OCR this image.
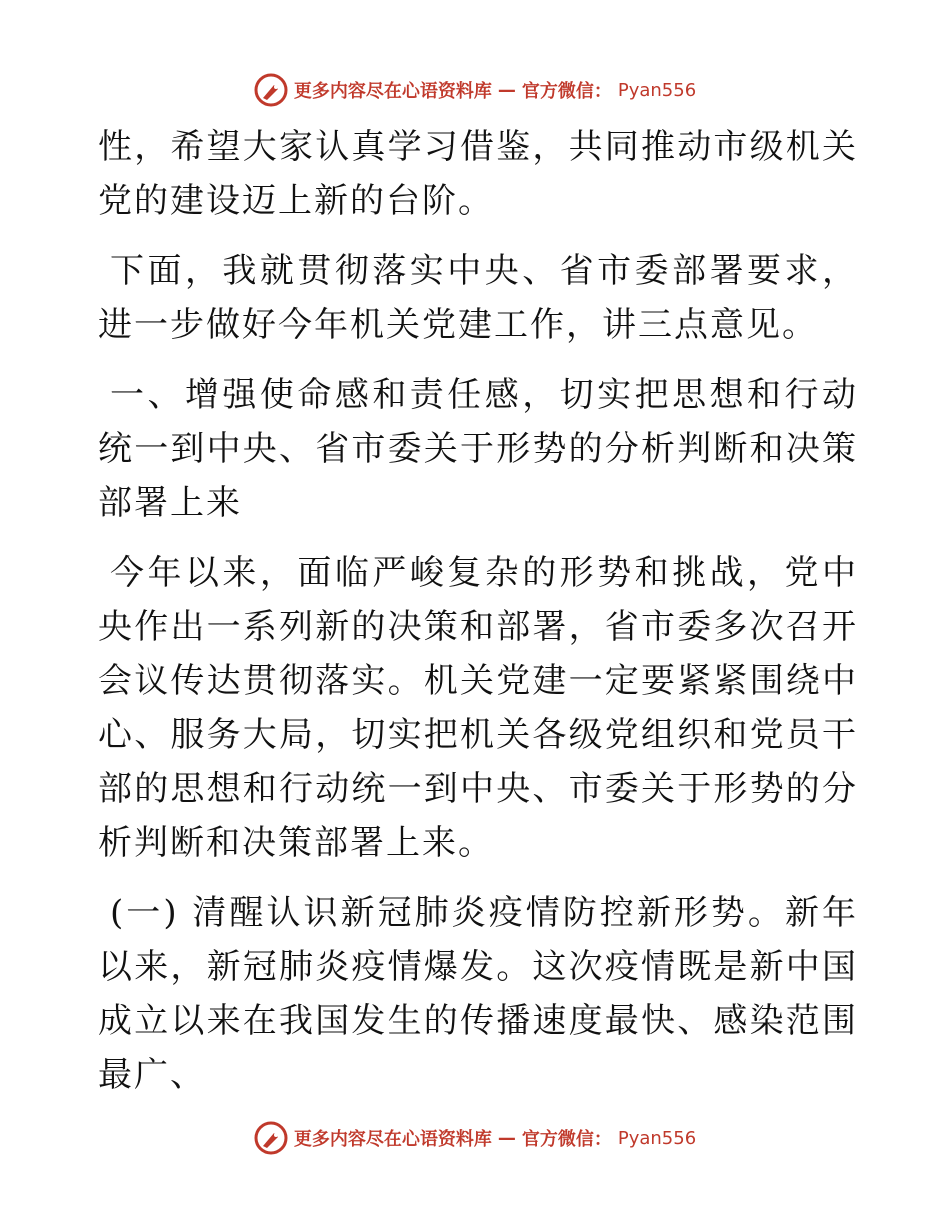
更多内容尽在心语资料库 — 官方微信： Pyan556

性，希望大家认真学习借鉴，共同推动市级机关党的建设迈上新的台阶。

下面，我就贯彻落实中央、省市委部署要求，进一步做好今年机关党建工作，讲三点意见。

一、增强使命感和责任感，切实把思想和行动统一到中央、省市委关于形势的分析判断和决策部署上来

今年以来，面临严峻复杂的形势和挑战，党中央作出一系列新的决策和部署，省市委多次召开会议传达贯彻落实。机关党建一定要紧紧围绕中心、服务大局，切实把机关各级党组织和党员干部的思想和行动统一到中央、市委关于形势的分析判断和决策部署上来。

(一) 清醒认识新冠肺炎疫情防控新形势。新年以来，新冠肺炎疫情爆发。这次疫情既是新中国成立以来在我国发生的传播速度最快、感染范围最广、

更多内容尽在心语资料库 — 官方微信： Pyan556
